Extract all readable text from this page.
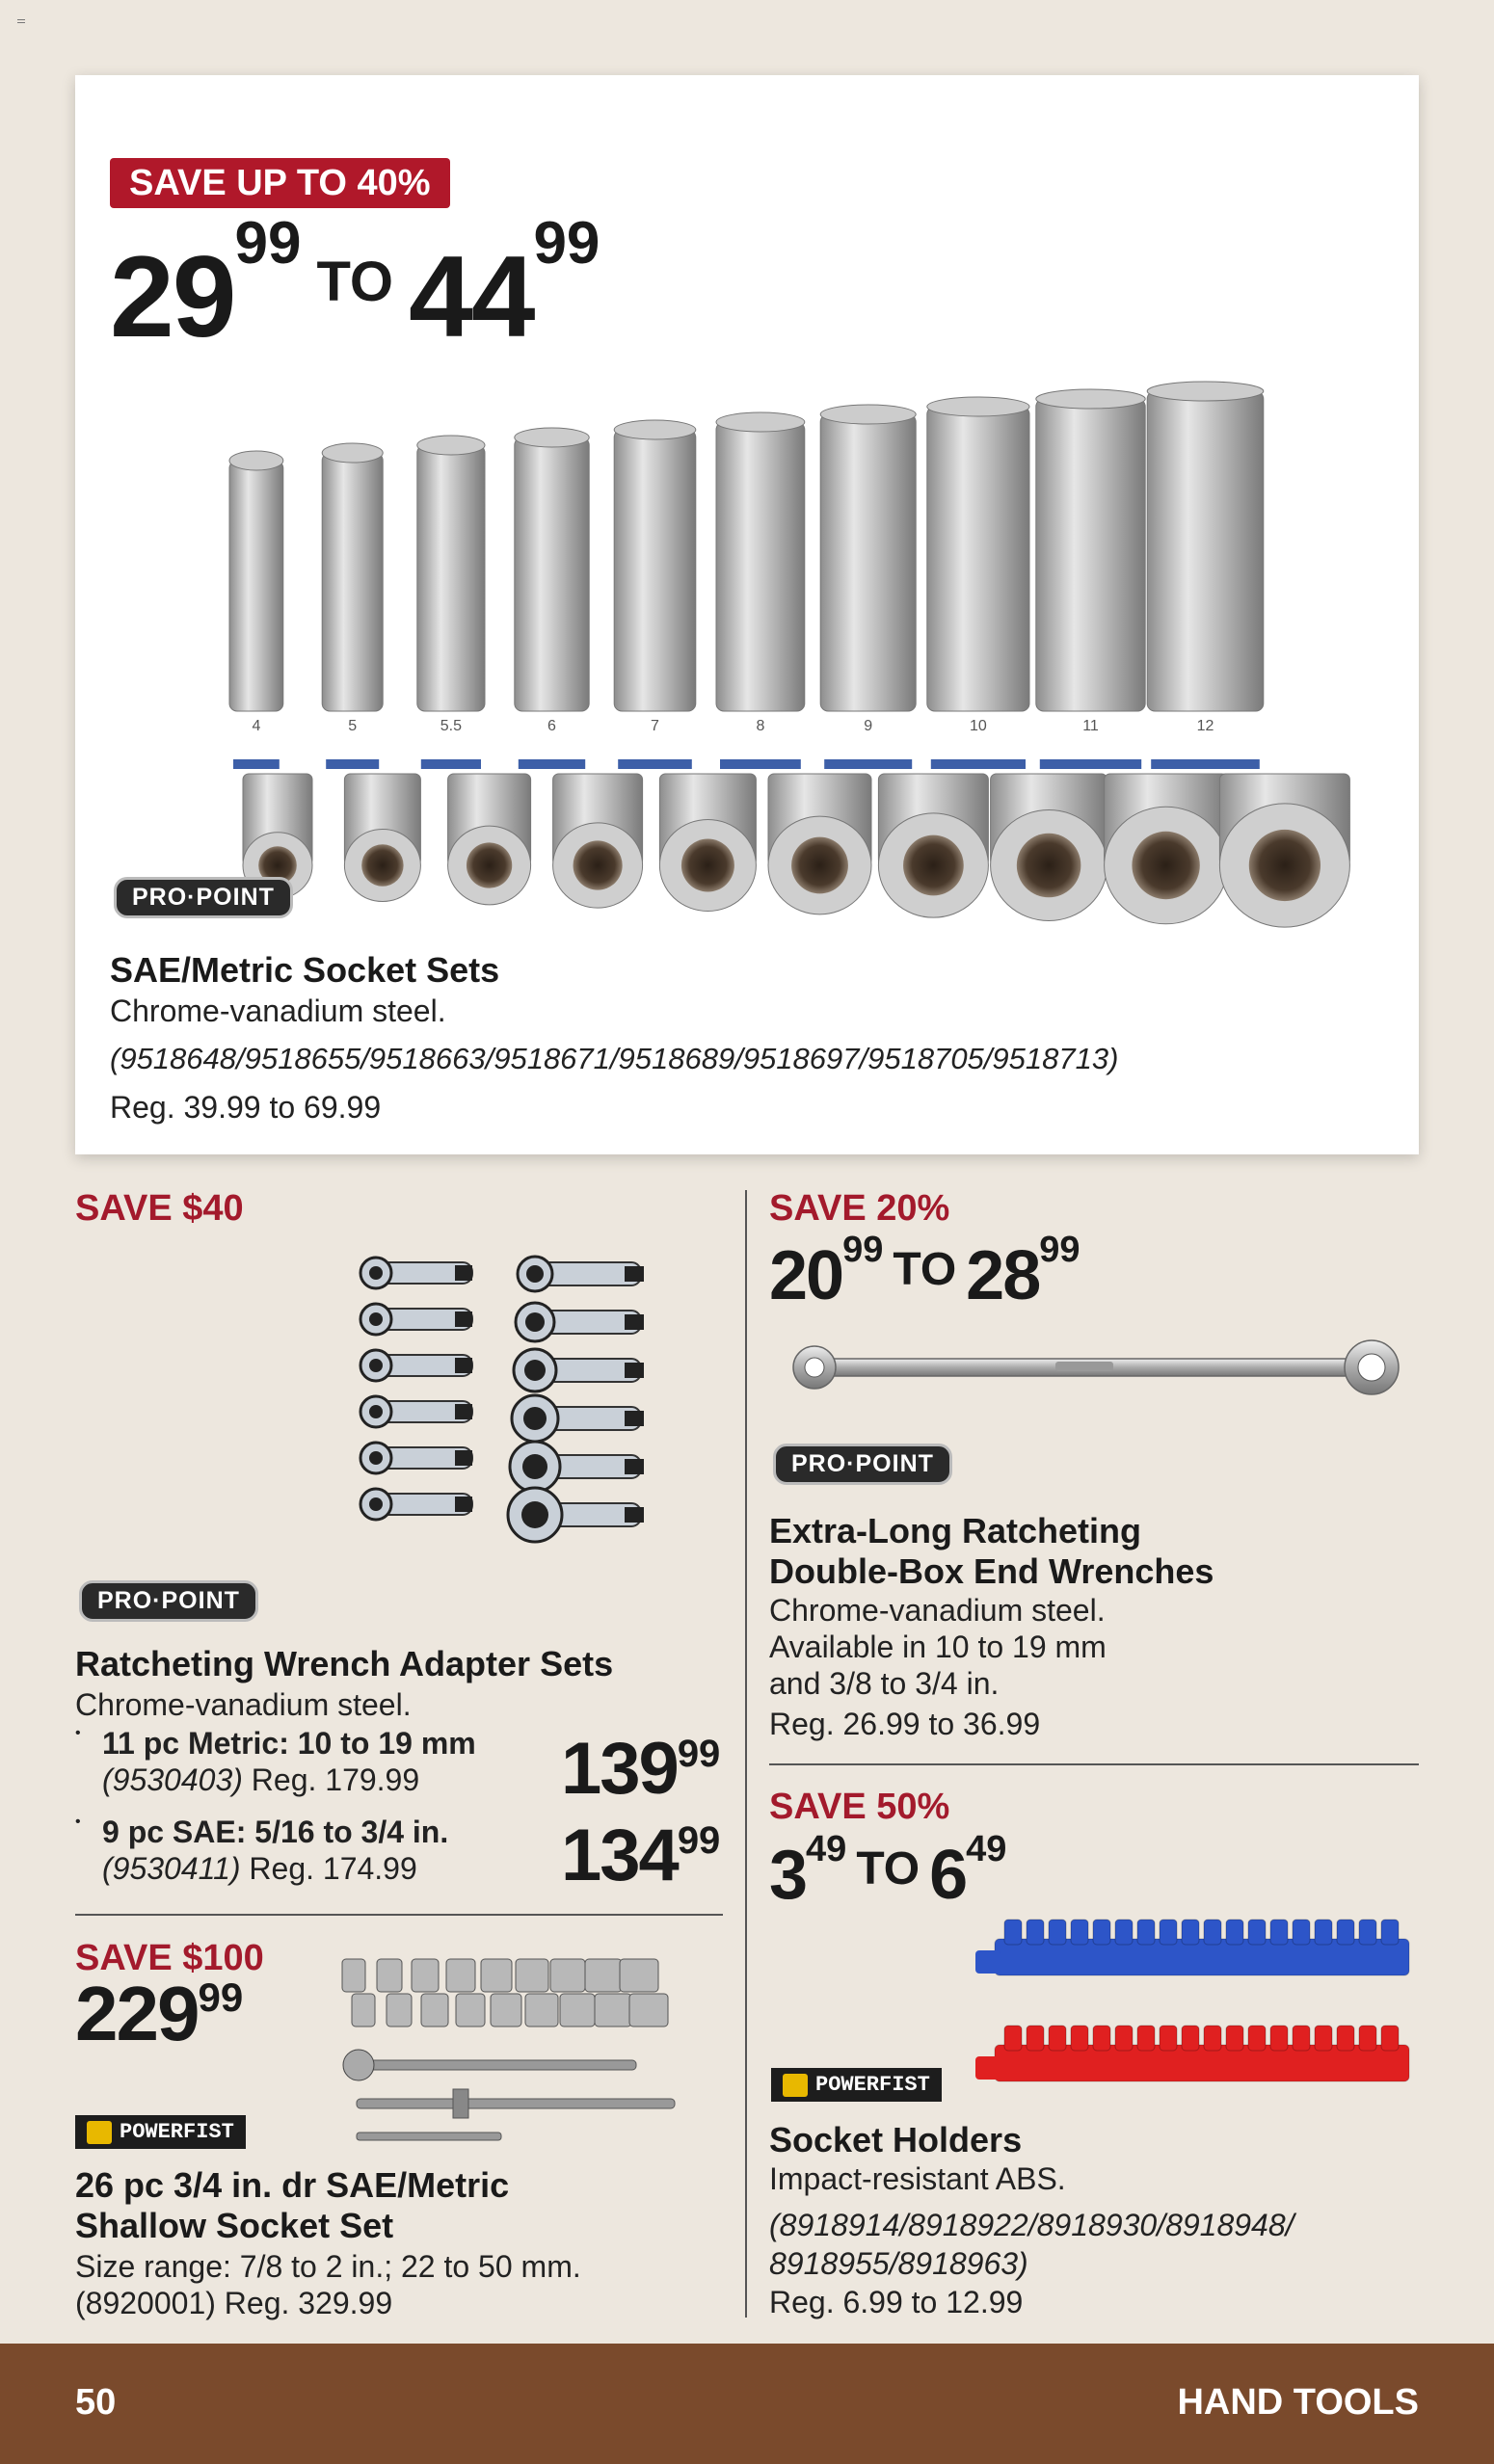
SAVE UP TO 40%
2999TO 4499
4	5	5.5	6	7	8	9	10	11	12
PRO·POINT
SAE/Metric Socket Sets
Chrome-vanadium steel.
(9518648/9518655/9518663/9518671/9518689/9518697/9518705/9518713)
Reg. 39.99 to 69.99
SAVE $40
PRO·POINT
Ratcheting Wrench Adapter Sets
Chrome-vanadium steel.
• 11 pc Metric: 10 to 19 mm
(9530403) Reg. 179.99
• 9 pc SAE: 5/16 to 3/4 in.
(9530411) Reg. 174.99
13999
13499
SAVE $100
22999
POWERFIST
26 pc 3/4 in. dr SAE/Metric
Shallow Socket Set
Size range: 7/8 to 2 in.; 22 to 50 mm.
(8920001) Reg. 329.99
SAVE 20%
2099 TO 2899
PRO·POINT
Extra-Long Ratcheting
Double-Box End Wrenches
Chrome-vanadium steel.
Available in 10 to 19 mm
and 3/8 to 3/4 in.
Reg. 26.99 to 36.99
SAVE 50%
349 TO 649
POWERFIST
Socket Holders
Impact-resistant ABS.
(8918914/8918922/8918930/8918948/
8918955/8918963)
Reg. 6.99 to 12.99
50	HAND TOOLS
